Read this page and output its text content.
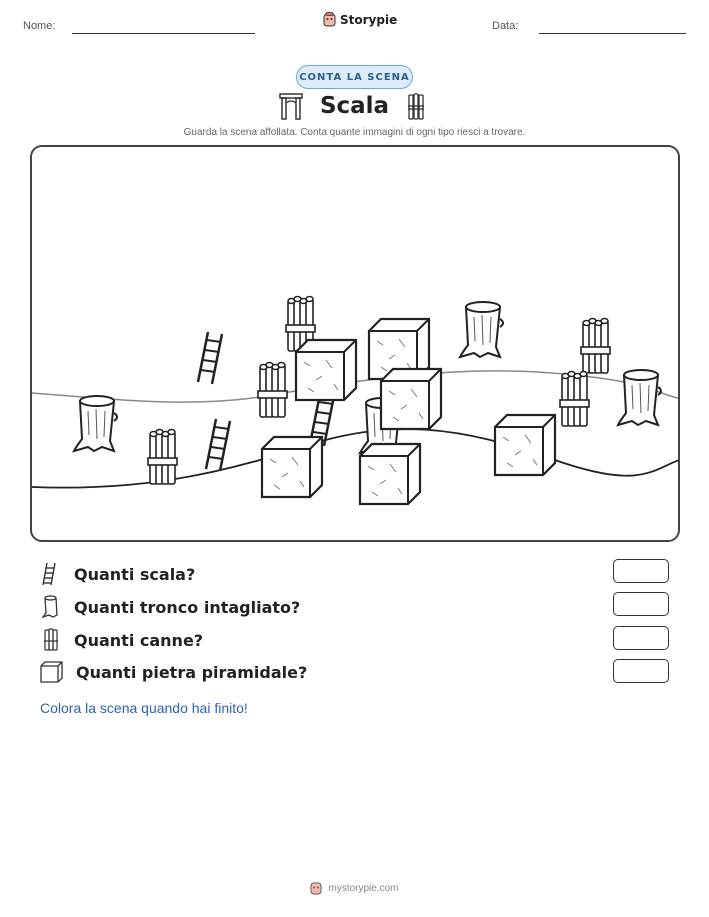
Nome:	Storypie	Data:
CONTA LA SCENA
Scala
Guarda la scena affollata. Conta quante immagini di ogni tipo riesci a trovare.
Quanti scala?
Quanti tronco intagliato?
Quanti canne?
Quanti pietra piramidale?
Colora la scena quando hai finito!
mystorypie.com
